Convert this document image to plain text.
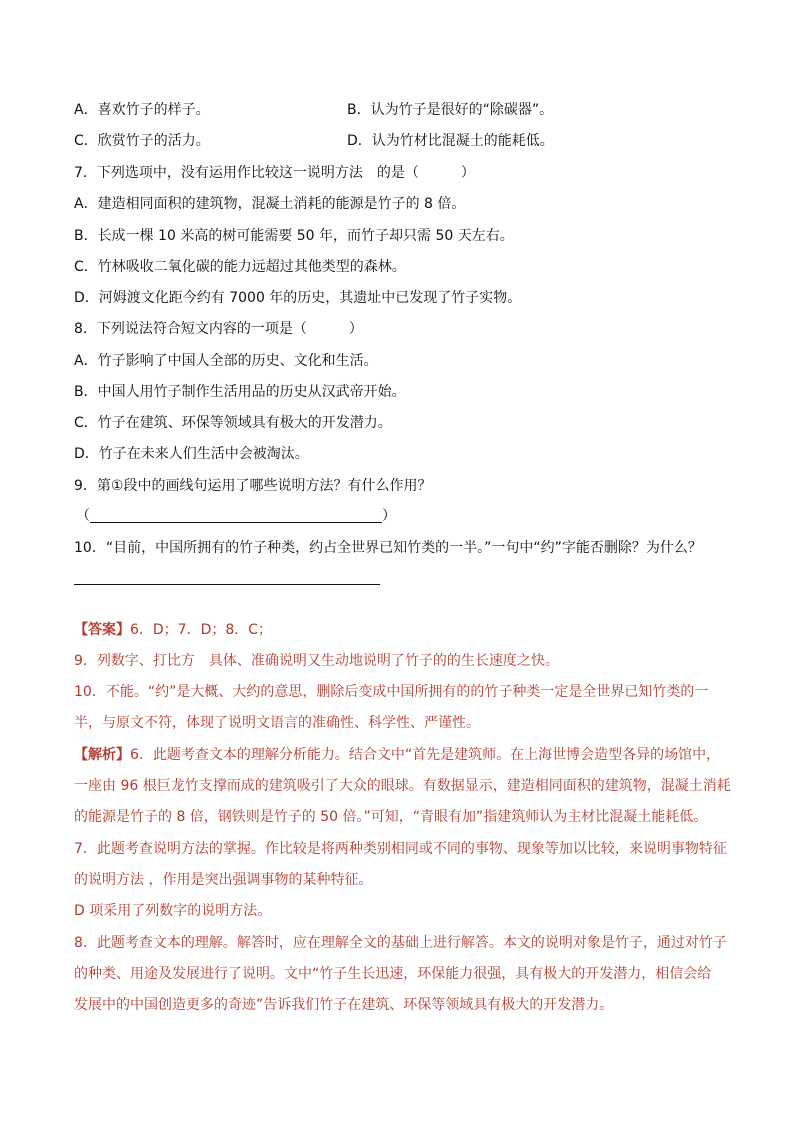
A．喜欢竹子的样子。	B．认为竹子是很好的“除碳器”。
C．欣赏竹子的活力。	D．认为竹材比混凝土的能耗低。
7．下列选项中，没有运用作比较这一说明方法　的是（　　　）
A．建造相同面积的建筑物，混凝土消耗的能源是竹子的 8 倍。
B．长成一棵 10 米高的树可能需要 50 年，而竹子却只需 50 天左右。
C．竹林吸收二氧化碳的能力远超过其他类型的森林。
D．河姆渡文化距今约有 7000 年的历史，其遗址中已发现了竹子实物。
8．下列说法符合短文内容的一项是（　　　）
A．竹子影响了中国人全部的历史、文化和生活。
B．中国人用竹子制作生活用品的历史从汉武帝开始。
C．竹子在建筑、环保等领域具有极大的开发潜力。
D．竹子在未来人们生活中会被淘汰。
9．第①段中的画线句运用了哪些说明方法？有什么作用？
（	）
10．“目前，中国所拥有的竹子种类，约占全世界已知竹类的一半。”一句中“约”字能否删除？为什么？
【答案】6．D；7．D；8．C；
9．列数字、打比方　具体、准确说明又生动地说明了竹子的的生长速度之快。
10．不能。“约”是大概、大约的意思，删除后变成中国所拥有的的竹子种类一定是全世界已知竹类的一
半，与原文不符，体现了说明文语言的准确性、科学性、严谨性。
【解析】6．此题考查文本的理解分析能力。结合文中“首先是建筑师。在上海世博会造型各异的场馆中，
一座由 96 根巨龙竹支撑而成的建筑吸引了大众的眼球。有数据显示，建造相同面积的建筑物，混凝土消耗
的能源是竹子的 8 倍，钢铁则是竹子的 50 倍。”可知，“青眼有加”指建筑师认为主材比混凝土能耗低。
7．此题考查说明方法的掌握。作比较是将两种类别相同或不同的事物、现象等加以比较，来说明事物特征
的说明方法 ，作用是突出强调事物的某种特征。
D 项采用了列数字的说明方法。
8．此题考查文本的理解。解答时，应在理解全文的基础上进行解答。本文的说明对象是竹子，通过对竹子
的种类、用途及发展进行了说明。文中“竹子生长迅速，环保能力很强，具有极大的开发潜力，相信会给
发展中的中国创造更多的奇迹”告诉我们竹子在建筑、环保等领域具有极大的开发潜力。
